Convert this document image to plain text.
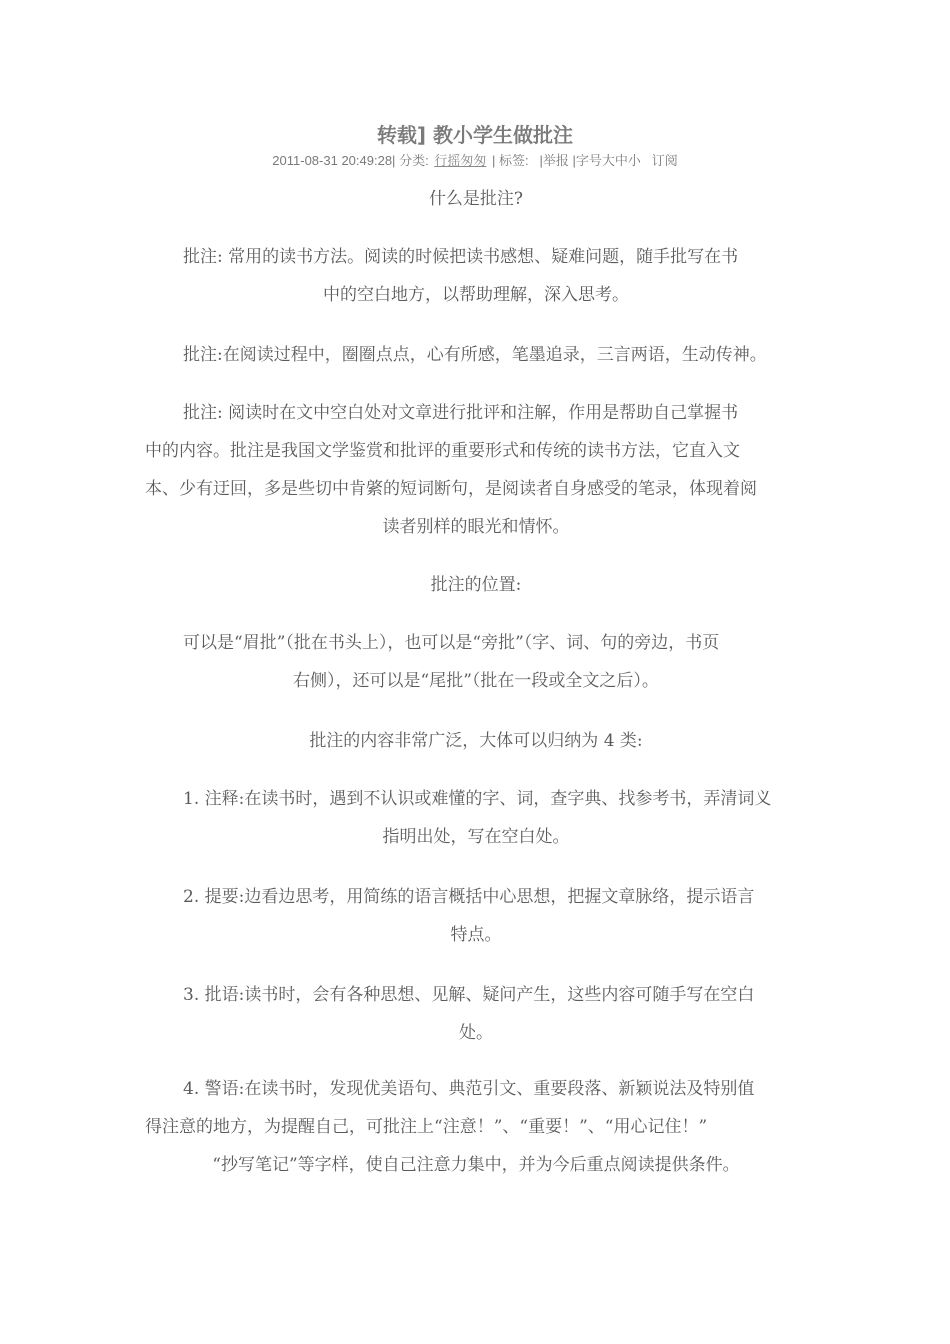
转载] 教小学生做批注
2011-08-31 20:49:28| 分类: 行摇匆匆 | 标签: |举报 |字号大中小 订阅
什么是批注?
批注: 常用的读书方法。阅读的时候把读书感想、疑难问题，随手批写在书
中的空白地方，以帮助理解，深入思考。
批注:在阅读过程中，圈圈点点，心有所感，笔墨追录，三言两语，生动传神。
批注: 阅读时在文中空白处对文章进行批评和注解，作用是帮助自己掌握书
中的内容。批注是我国文学鉴赏和批评的重要形式和传统的读书方法，它直入文
本、少有迂回，多是些切中肯綮的短词断句，是阅读者自身感受的笔录，体现着阅
读者别样的眼光和情怀。
批注的位置:
可以是“眉批”（批在书头上），也可以是“旁批”（字、词、句的旁边，书页
右侧），还可以是“尾批”（批在一段或全文之后）。
批注的内容非常广泛，大体可以归纳为 4 类:
1. 注释:在读书时，遇到不认识或难懂的字、词，查字典、找参考书，弄清词义
指明出处，写在空白处。
2. 提要:边看边思考，用简练的语言概括中心思想，把握文章脉络，提示语言
特点。
3. 批语:读书时，会有各种思想、见解、疑问产生，这些内容可随手写在空白
处。
4. 警语:在读书时，发现优美语句、典范引文、重要段落、新颖说法及特别值
得注意的地方，为提醒自己，可批注上“注意！”、“重要！”、“用心记住！”
“抄写笔记”等字样，使自己注意力集中，并为今后重点阅读提供条件。
